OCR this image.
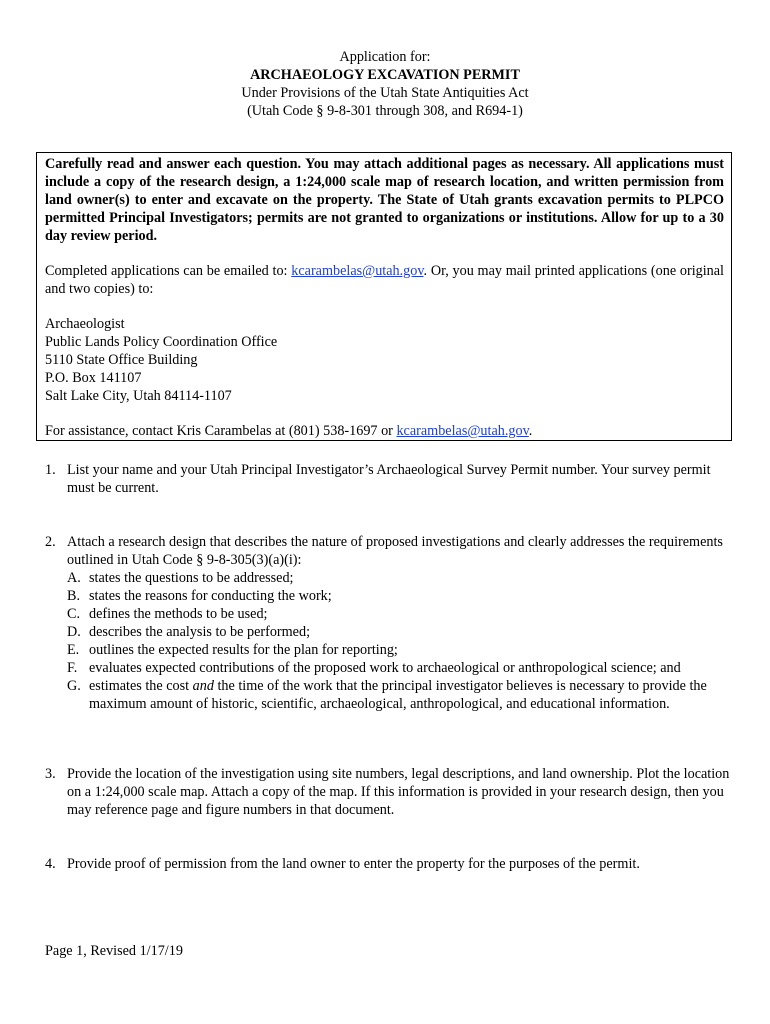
Application for:
ARCHAEOLOGY EXCAVATION PERMIT
Under Provisions of the Utah State Antiquities Act
(Utah Code § 9-8-301 through 308, and R694-1)

Carefully read and answer each question. You may attach additional pages as necessary. All applications must include a copy of the research design, a 1:24,000 scale map of research location, and written permission from land owner(s) to enter and excavate on the property. The State of Utah grants excavation permits to PLPCO permitted Principal Investigators; permits are not granted to organizations or institutions. Allow for up to a 30 day review period.

Completed applications can be emailed to: kcarambelas@utah.gov. Or, you may mail printed applications (one original and two copies) to:

Archaeologist
Public Lands Policy Coordination Office
5110 State Office Building
P.O. Box 141107
Salt Lake City, Utah 84114-1107

For assistance, contact Kris Carambelas at (801) 538-1697 or kcarambelas@utah.gov.

1. List your name and your Utah Principal Investigator’s Archaeological Survey Permit number. Your survey permit must be current.
2. Attach a research design that describes the nature of proposed investigations and clearly addresses the requirements outlined in Utah Code § 9-8-305(3)(a)(i):
A. states the questions to be addressed;
B. states the reasons for conducting the work;
C. defines the methods to be used;
D. describes the analysis to be performed;
E. outlines the expected results for the plan for reporting;
F. evaluates expected contributions of the proposed work to archaeological or anthropological science; and
G. estimates the cost and the time of the work that the principal investigator believes is necessary to provide the maximum amount of historic, scientific, archaeological, anthropological, and educational information.
3. Provide the location of the investigation using site numbers, legal descriptions, and land ownership. Plot the location on a 1:24,000 scale map. Attach a copy of the map. If this information is provided in your research design, then you may reference page and figure numbers in that document.
4. Provide proof of permission from the land owner to enter the property for the purposes of the permit.
Page 1, Revised 1/17/19
